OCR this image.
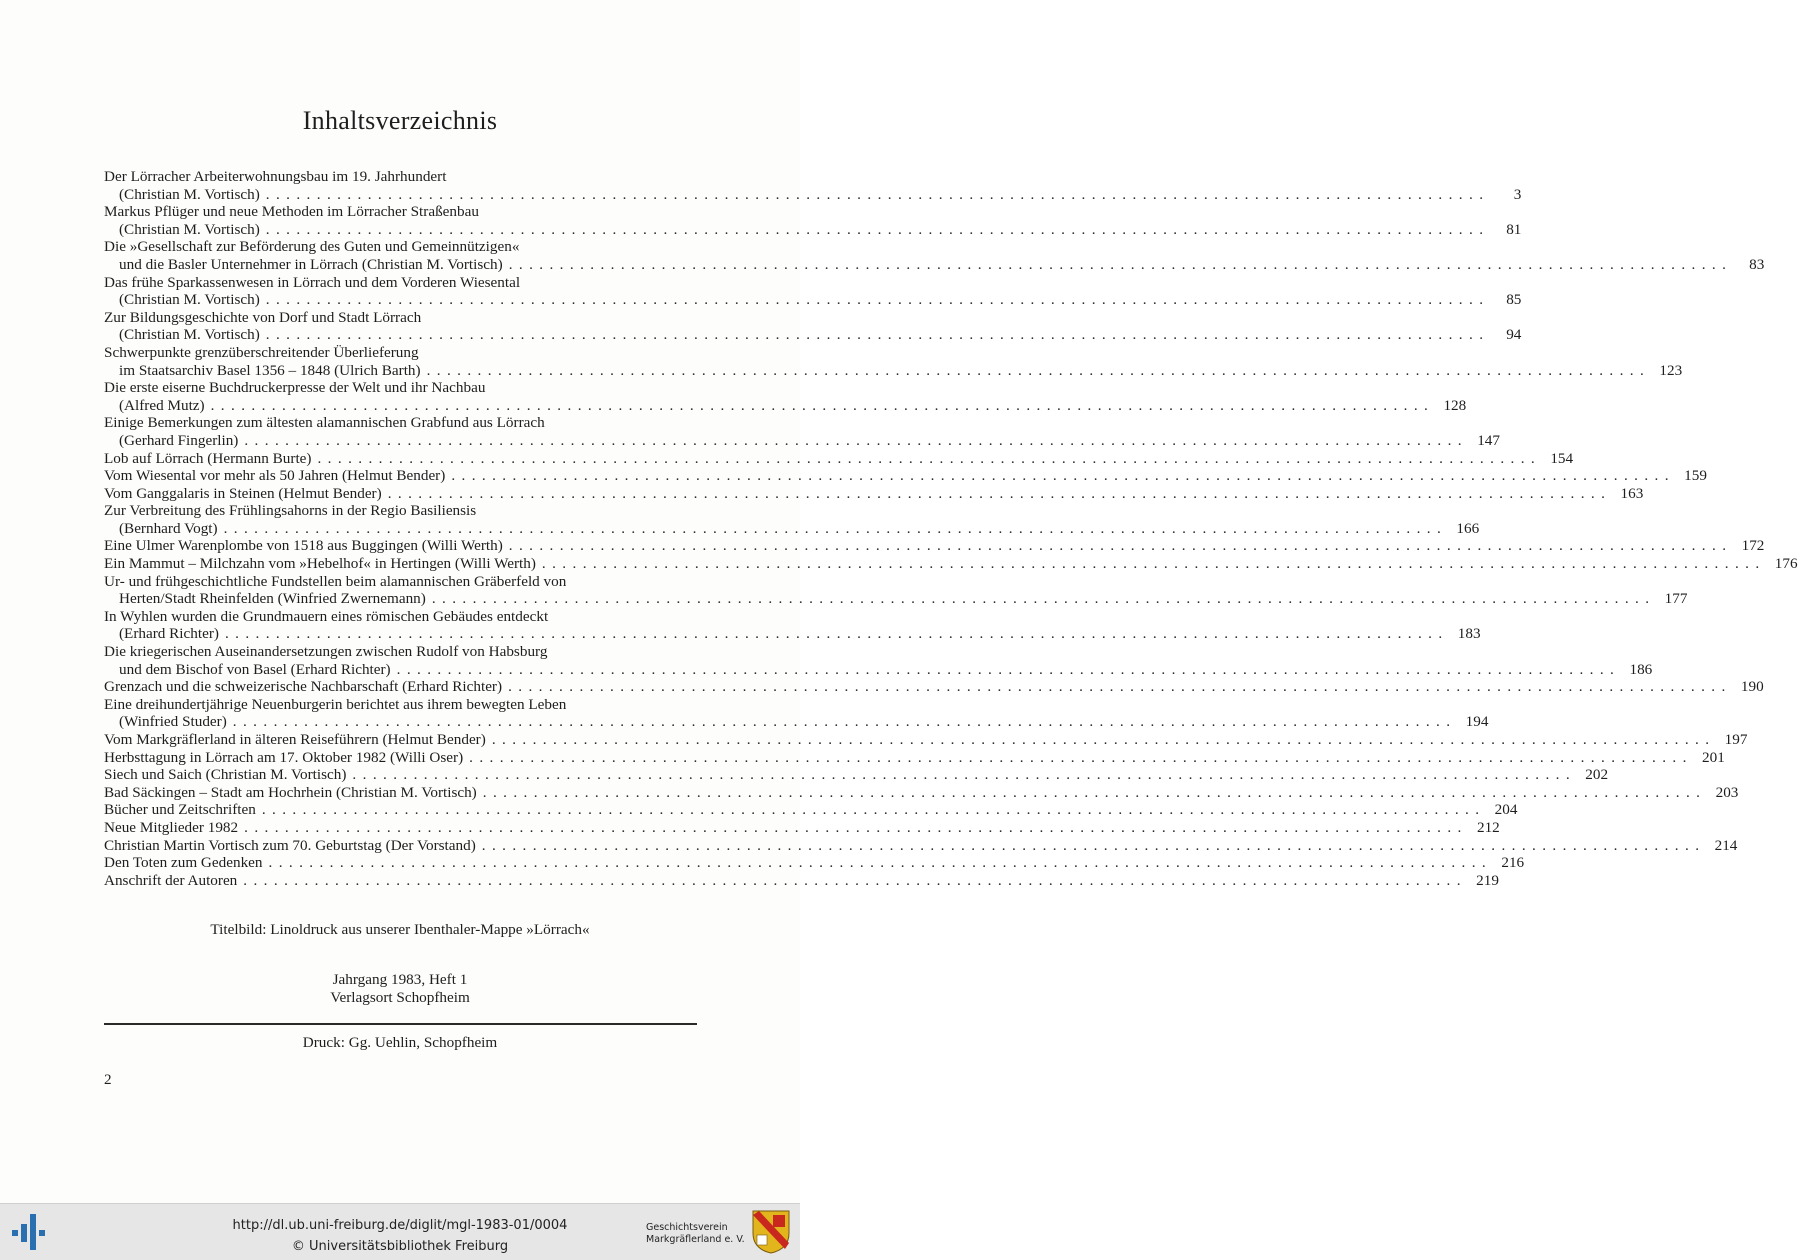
Inhaltsverzeichnis
Der Lörracher Arbeiterwohnungsbau im 19. Jahrhundert
(Christian M. Vortisch) ........................................................................................................................	3
Markus Pflüger und neue Methoden im Lörracher Straßenbau
(Christian M. Vortisch) ........................................................................................................................	81
Die »Gesellschaft zur Beförderung des Guten und Gemeinnützigen«
und die Basler Unternehmer in Lörrach (Christian M. Vortisch) ........................................................................................................................	83
Das frühe Sparkassenwesen in Lörrach und dem Vorderen Wiesental
(Christian M. Vortisch) ........................................................................................................................	85
Zur Bildungsgeschichte von Dorf und Stadt Lörrach
(Christian M. Vortisch) ........................................................................................................................	94
Schwerpunkte grenzüberschreitender Überlieferung
im Staatsarchiv Basel 1356 – 1848 (Ulrich Barth) ........................................................................................................................ 123
Die erste eiserne Buchdruckerpresse der Welt und ihr Nachbau
(Alfred Mutz) ........................................................................................................................ 128
Einige Bemerkungen zum ältesten alamannischen Grabfund aus Lörrach
(Gerhard Fingerlin) ........................................................................................................................ 147
Lob auf Lörrach (Hermann Burte) ........................................................................................................................ 154
Vom Wiesental vor mehr als 50 Jahren (Helmut Bender) ........................................................................................................................ 159
Vom Ganggalaris in Steinen (Helmut Bender) ........................................................................................................................ 163
Zur Verbreitung des Frühlingsahorns in der Regio Basiliensis
(Bernhard Vogt) ........................................................................................................................ 166
Eine Ulmer Warenplombe von 1518 aus Buggingen (Willi Werth) ........................................................................................................................ 172
Ein Mammut – Milchzahn vom »Hebelhof« in Hertingen (Willi Werth) ........................................................................................................................ 176
Ur- und frühgeschichtliche Fundstellen beim alamannischen Gräberfeld von
Herten/Stadt Rheinfelden (Winfried Zwernemann) ........................................................................................................................ 177
In Wyhlen wurden die Grundmauern eines römischen Gebäudes entdeckt
(Erhard Richter) ........................................................................................................................ 183
Die kriegerischen Auseinandersetzungen zwischen Rudolf von Habsburg
und dem Bischof von Basel (Erhard Richter) ........................................................................................................................ 186
Grenzach und die schweizerische Nachbarschaft (Erhard Richter) ........................................................................................................................ 190
Eine dreihundertjährige Neuenburgerin berichtet aus ihrem bewegten Leben
(Winfried Studer) ........................................................................................................................ 194
Vom Markgräflerland in älteren Reiseführern (Helmut Bender) ........................................................................................................................ 197
Herbsttagung in Lörrach am 17. Oktober 1982 (Willi Oser) ........................................................................................................................ 201
Siech und Saich (Christian M. Vortisch) ........................................................................................................................ 202
Bad Säckingen – Stadt am Hochrhein (Christian M. Vortisch) ........................................................................................................................ 203
Bücher und Zeitschriften ........................................................................................................................ 204
Neue Mitglieder 1982 ........................................................................................................................ 212
Christian Martin Vortisch zum 70. Geburtstag (Der Vorstand) ........................................................................................................................ 214
Den Toten zum Gedenken ........................................................................................................................ 216
Anschrift der Autoren ........................................................................................................................ 219
Titelbild: Linoldruck aus unserer Ibenthaler-Mappe »Lörrach«
Jahrgang 1983, Heft 1
Verlagsort Schopfheim
Druck: Gg. Uehlin, Schopfheim
2
http://dl.ub.uni-freiburg.de/diglit/mgl-1983-01/0004
© Universitätsbibliothek Freiburg
Geschichtsverein
Markgräflerland e. V.
